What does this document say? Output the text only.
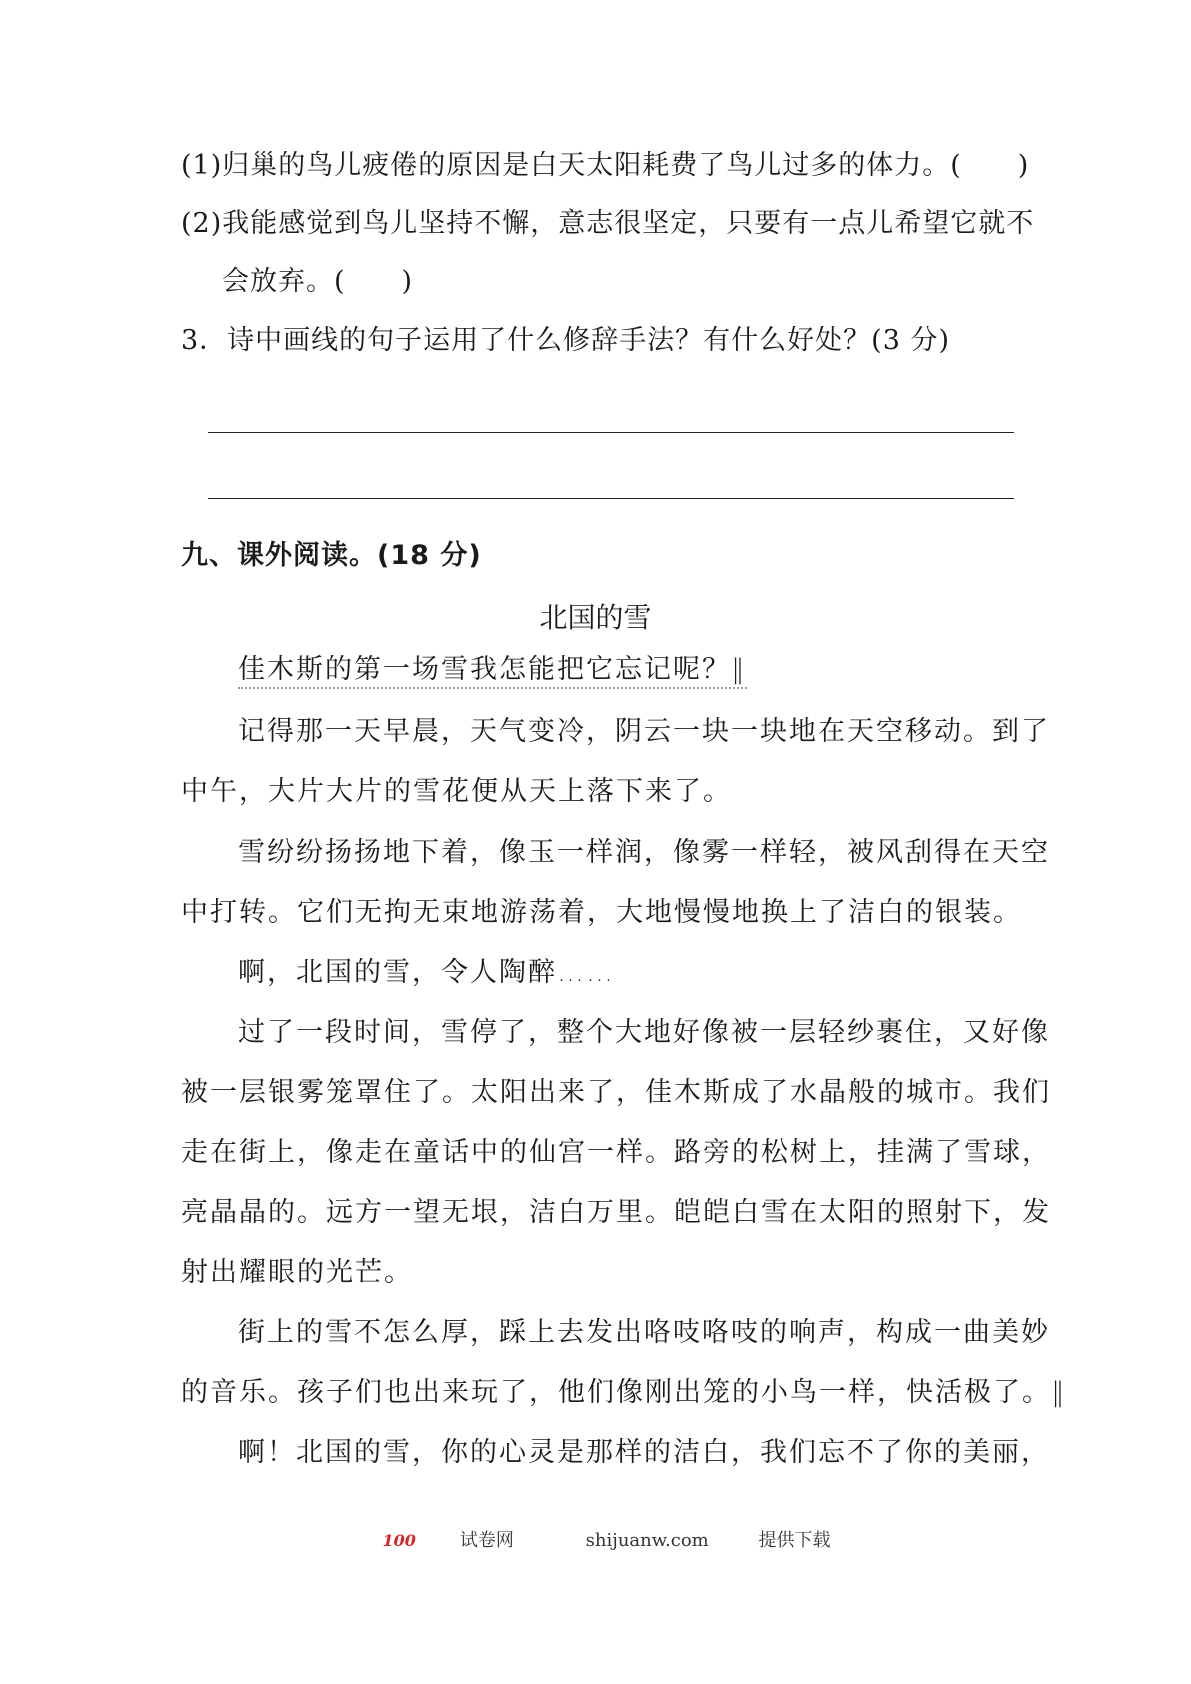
(1)归巢的鸟儿疲倦的原因是白天太阳耗费了鸟儿过多的体力。(　　)
(2)我能感觉到鸟儿坚持不懈，意志很坚定，只要有一点儿希望它就不
会放弃。(　　)
3．诗中画线的句子运用了什么修辞手法？有什么好处？(3 分)
九、课外阅读。(18 分)
北国的雪
佳木斯的第一场雪我怎能把它忘记呢？‖
记得那一天早晨，天气变冷，阴云一块一块地在天空移动。到了
中午，大片大片的雪花便从天上落下来了。
雪纷纷扬扬地下着，像玉一样润，像雾一样轻，被风刮得在天空
中打转。它们无拘无束地游荡着，大地慢慢地换上了洁白的银装。
啊，北国的雪，令人陶醉……
过了一段时间，雪停了，整个大地好像被一层轻纱裹住，又好像
被一层银雾笼罩住了。太阳出来了，佳木斯成了水晶般的城市。我们
走在街上，像走在童话中的仙宫一样。路旁的松树上，挂满了雪球，
亮晶晶的。远方一望无垠，洁白万里。皑皑白雪在太阳的照射下，发
射出耀眼的光芒。
街上的雪不怎么厚，踩上去发出咯吱咯吱的响声，构成一曲美妙
的音乐。孩子们也出来玩了，他们像刚出笼的小鸟一样，快活极了。‖
啊！北国的雪，你的心灵是那样的洁白，我们忘不了你的美丽，
100 试卷网	shijuanw.com	提供下载
